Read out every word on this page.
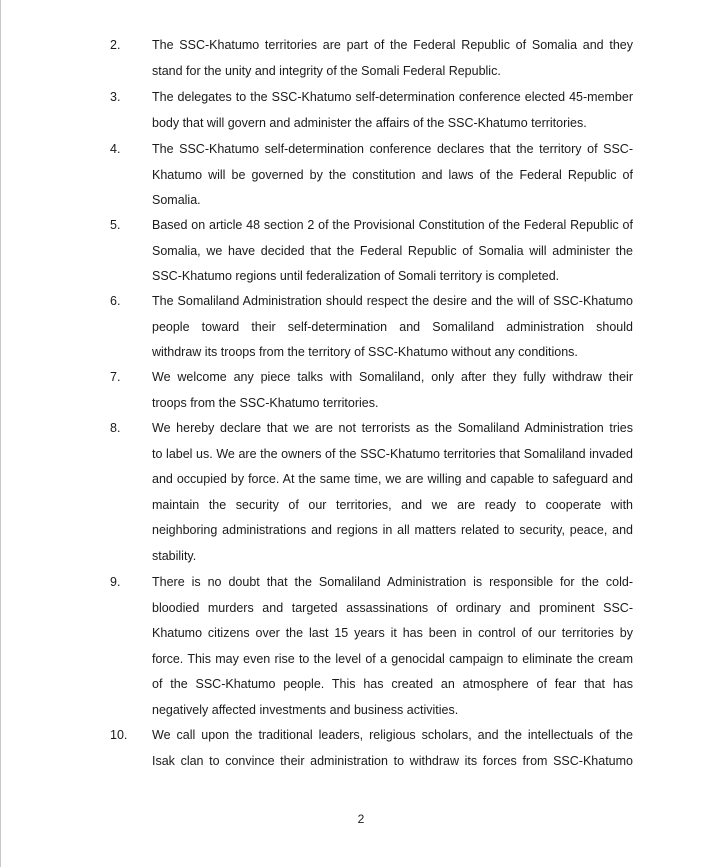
2.	The SSC-Khatumo territories are part of the Federal Republic of Somalia and they
stand for the unity and integrity of the Somali Federal Republic.
3.	The delegates to the SSC-Khatumo self-determination conference elected 45-member
body that will govern and administer the affairs of the SSC-Khatumo territories.
4.	The SSC-Khatumo self-determination conference declares that the territory of SSC-
Khatumo will be governed by the constitution and laws of the Federal Republic of
Somalia.
5.	Based on article 48 section 2 of the Provisional Constitution of the Federal Republic of
Somalia, we have decided that the Federal Republic of Somalia will administer the
SSC-Khatumo regions until federalization of Somali territory is completed.
6.	The Somaliland Administration should respect the desire and the will of SSC-Khatumo
people toward their self-determination and Somaliland administration should
withdraw its troops from the territory of SSC-Khatumo without any conditions.
7.	We welcome any piece talks with Somaliland, only after they fully withdraw their
troops from the SSC-Khatumo territories.
8.	We hereby declare that we are not terrorists as the Somaliland Administration tries
to label us. We are the owners of the SSC-Khatumo territories that Somaliland invaded
and occupied by force. At the same time, we are willing and capable to safeguard and
maintain the security of our territories, and we are ready to cooperate with
neighboring administrations and regions in all matters related to security, peace, and
stability.
9.	There is no doubt that the Somaliland Administration is responsible for the cold-
bloodied murders and targeted assassinations of ordinary and prominent SSC-
Khatumo citizens over the last 15 years it has been in control of our territories by
force. This may even rise to the level of a genocidal campaign to eliminate the cream
of the SSC-Khatumo people. This has created an atmosphere of fear that has
negatively affected investments and business activities.
10. We call upon the traditional leaders, religious scholars, and the intellectuals of the
Isak clan to convince their administration to withdraw its forces from SSC-Khatumo
2
